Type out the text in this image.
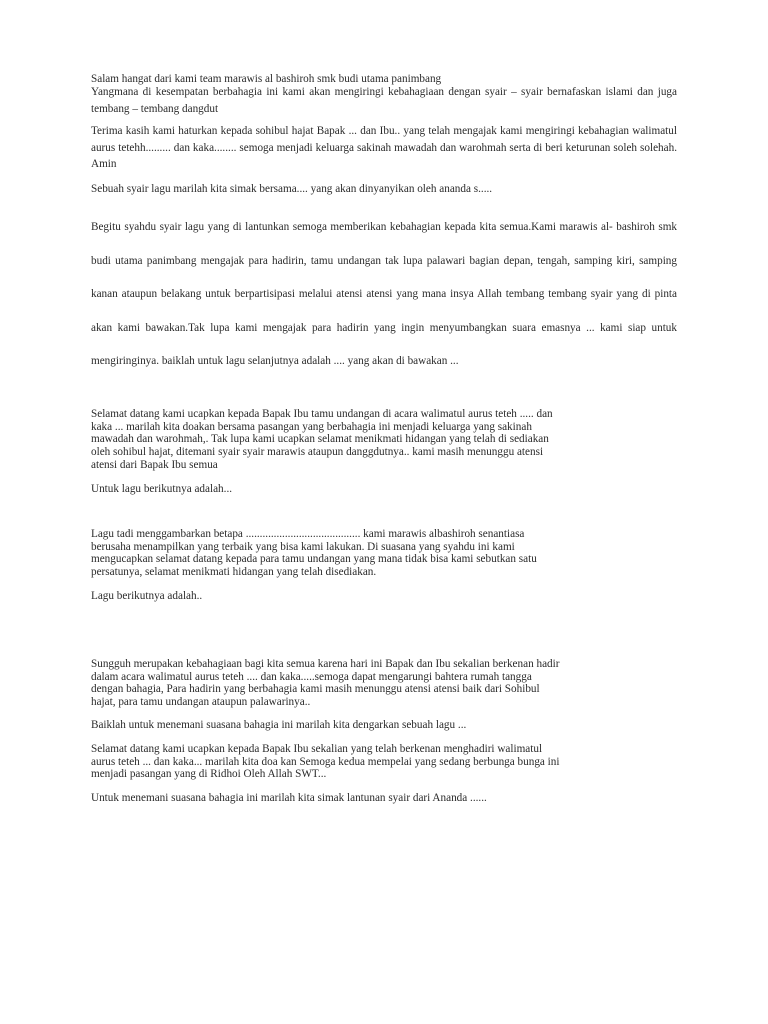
Salam hangat dari kami team marawis al bashiroh smk budi utama panimbang

Yangmana di kesempatan berbahagia ini kami akan mengiringi kebahagiaan dengan syair – syair bernafaskan islami dan juga tembang – tembang dangdut

Terima kasih kami haturkan kepada sohibul hajat Bapak ... dan Ibu.. yang telah mengajak kami mengiringi kebahagian walimatul aurus tetehh......... dan kaka........ semoga menjadi keluarga sakinah mawadah dan warohmah serta di beri keturunan soleh solehah. Amin

Sebuah syair lagu marilah kita simak bersama.... yang akan dinyanyikan oleh ananda s.....

Begitu syahdu syair lagu yang di lantunkan semoga memberikan kebahagian kepada kita semua.Kami marawis al- bashiroh smk budi utama panimbang mengajak para hadirin, tamu undangan tak lupa palawari bagian depan, tengah, samping kiri, samping kanan ataupun belakang untuk berpartisipasi melalui atensi atensi yang mana insya Allah tembang tembang syair yang di pinta akan kami bawakan.Tak lupa kami mengajak para hadirin yang ingin menyumbangkan suara emasnya ... kami siap untuk mengiringinya. baiklah untuk lagu selanjutnya adalah .... yang akan di bawakan ...

Selamat datang kami ucapkan kepada Bapak Ibu tamu undangan di acara walimatul aurus teteh ..... dan
kaka ... marilah kita doakan bersama pasangan yang berbahagia ini menjadi keluarga yang sakinah
mawadah dan warohmah,. Tak lupa kami ucapkan selamat menikmati hidangan yang telah di sediakan
oleh sohibul hajat, ditemani syair syair marawis ataupun danggdutnya.. kami masih menunggu atensi
atensi dari Bapak Ibu semua

Untuk lagu berikutnya adalah...

Lagu tadi menggambarkan betapa ......................................... kami marawis albashiroh senantiasa
berusaha menampilkan yang terbaik yang bisa kami lakukan. Di suasana yang syahdu ini kami
mengucapkan selamat datang kepada para tamu undangan yang mana tidak bisa kami sebutkan satu
persatunya, selamat menikmati hidangan yang telah disediakan.

Lagu berikutnya adalah..

Sungguh merupakan kebahagiaan bagi kita semua karena hari ini Bapak dan Ibu sekalian berkenan hadir
dalam acara walimatul aurus teteh .... dan kaka.....semoga dapat mengarungi bahtera rumah tangga
dengan bahagia, Para hadirin yang berbahagia kami masih menunggu atensi atensi baik dari Sohibul
hajat, para tamu undangan ataupun palawarinya..

Baiklah untuk menemani suasana bahagia ini marilah kita dengarkan sebuah lagu ...

Selamat datang kami ucapkan kepada Bapak Ibu sekalian yang telah berkenan menghadiri walimatul
aurus teteh ... dan kaka... marilah kita doa kan Semoga kedua mempelai yang sedang berbunga bunga ini
menjadi pasangan yang di Ridhoi Oleh Allah SWT...

Untuk menemani suasana bahagia ini marilah kita simak lantunan syair dari Ananda ......
